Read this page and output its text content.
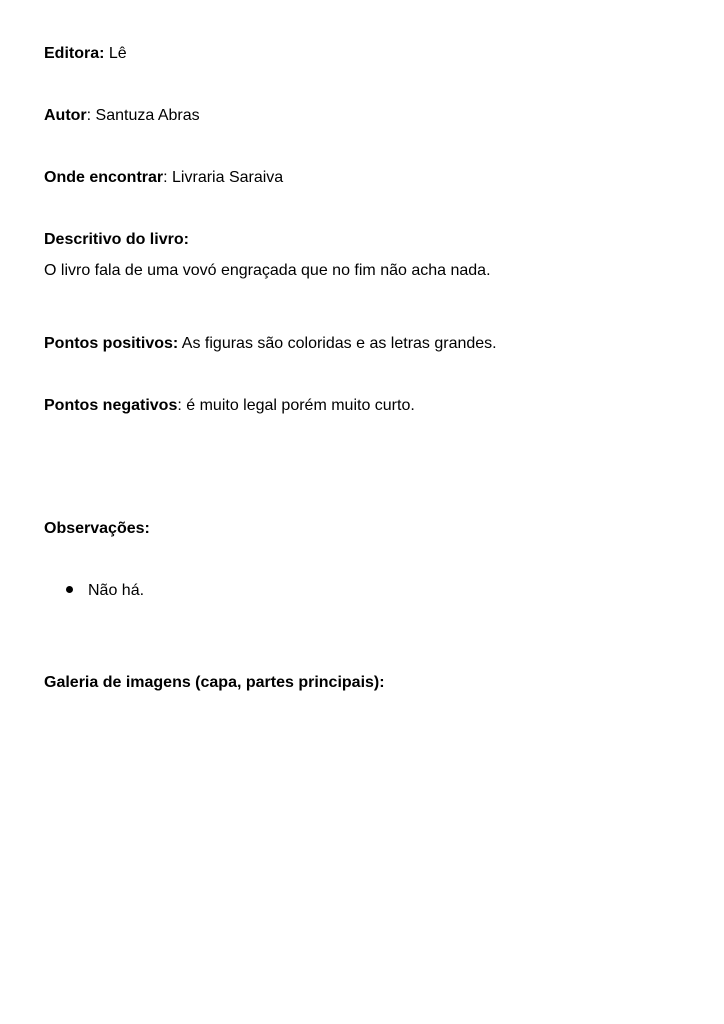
Editora: Lê
Autor: Santuza Abras
Onde encontrar: Livraria Saraiva
Descritivo do livro:
O livro fala de uma vovó engraçada que no fim não acha nada.
Pontos positivos: As figuras são coloridas e as letras grandes.
Pontos negativos: é muito legal porém muito curto.
Observações:
Não há.
Galeria de imagens (capa, partes principais):
